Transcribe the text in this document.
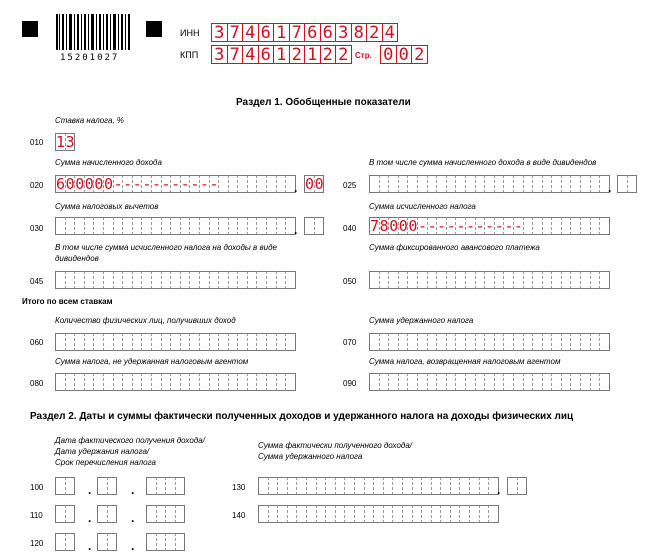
15201027
ИНН 3 7 4 6 1 7 6 6 3 8 2 4
КПП 3 7 4 6 1 2 1 2 2 Стр. 0 0 2
Раздел 1. Обобщенные показатели
Ставка налога, %
010 1 3
Сумма начисленного дохода
020 6 0 0 0 0 0 - - - - - - - - - - -	. 0 0
В том числе сумма начисленного дохода в виде дивидендов
025	.
Сумма налоговых вычетов
030	.
Сумма исчисленного налога
040 7 8 0 0 0 - - - - - - - - - - -
В том числе сумма исчисленного налога на доходы в виде
дивидендов
045
Сумма фиксированного авансового платежа
050
Итого по всем ставкам
Количество физических лиц, получивших доход
060
Сумма удержанного налога
070
Сумма налога, не удержанная налоговым агентом
080
Сумма налога, возвращенная налоговым агентом
090
Раздел 2. Даты и суммы фактически полученных доходов и удержанного налога на доходы физических лиц
Дата фактического получения дохода/
Дата удержания налога/
Срок перечисления налога
Сумма фактически полученного дохода/
Сумма удержанного налога
100	.	.	130	.
110	.	.	140
120	.	.
